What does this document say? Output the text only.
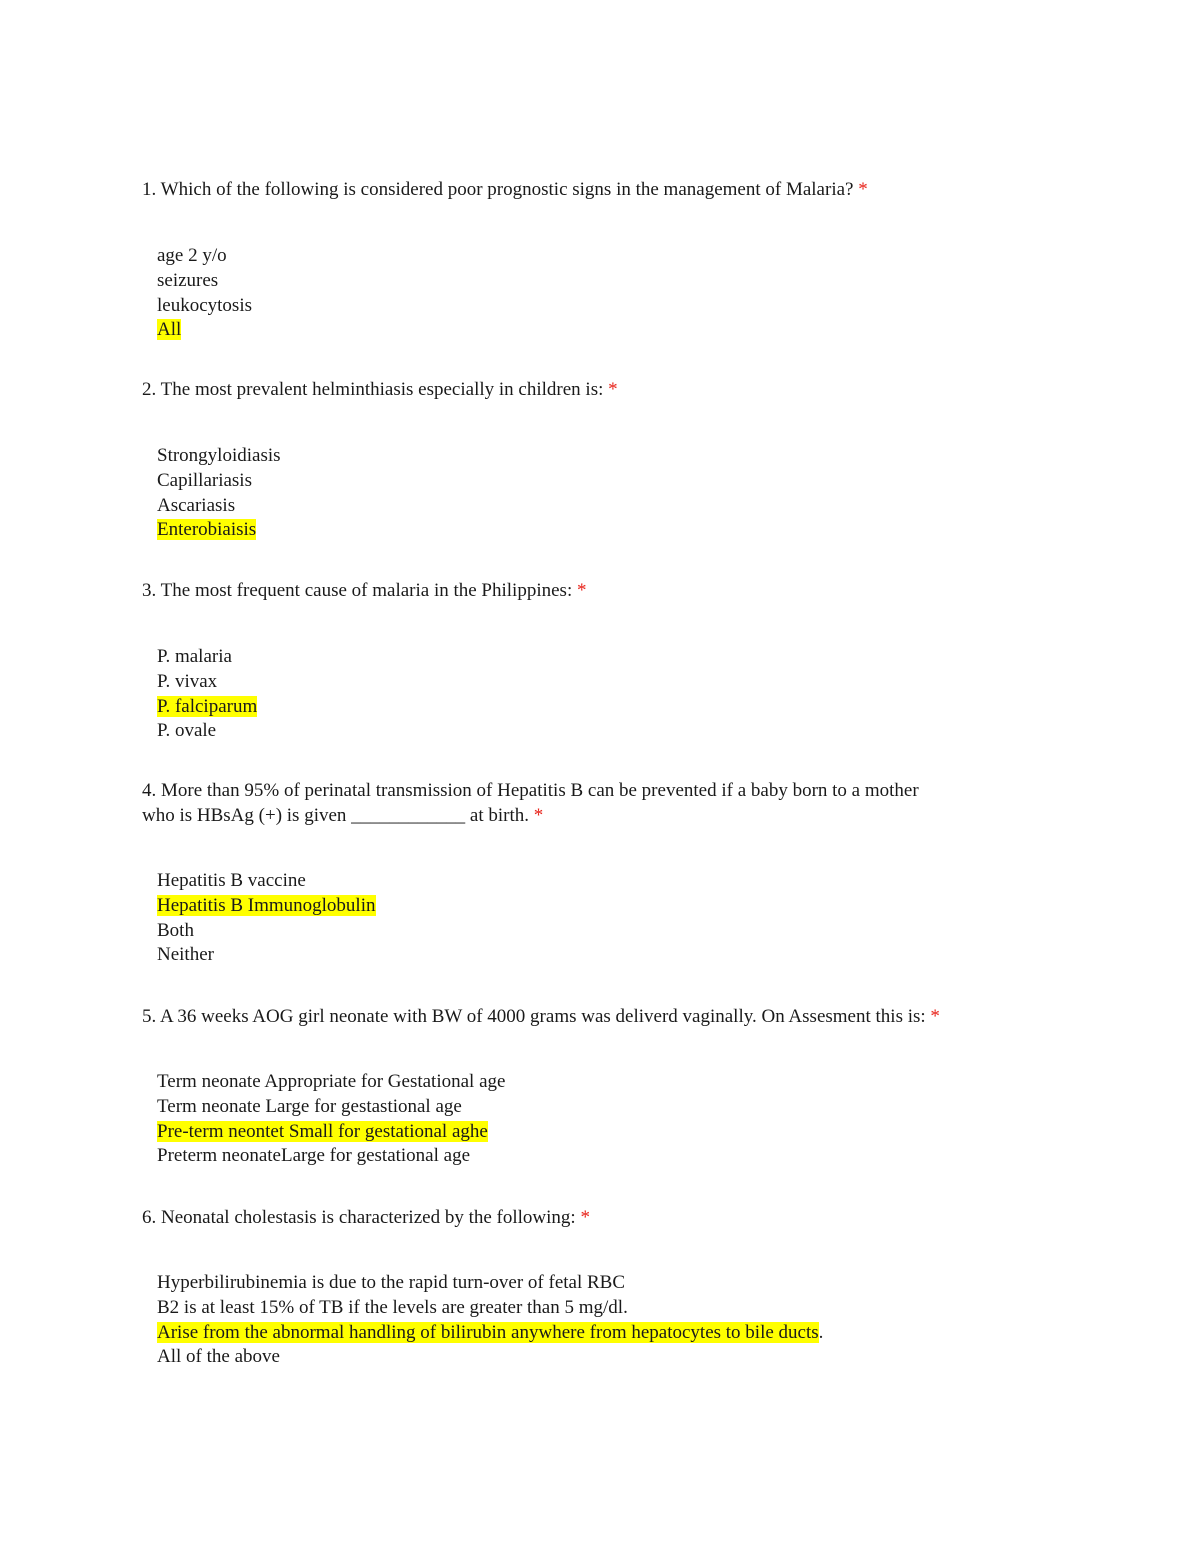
1. Which of the following is considered poor prognostic signs in the management of Malaria? *

age 2 y/o
seizures
leukocytosis
All

2. The most prevalent helminthiasis especially in children is: *

Strongyloidiasis
Capillariasis
Ascariasis
Enterobiaisis

3. The most frequent cause of malaria in the Philippines: *

P. malaria
P. vivax
P. falciparum
P. ovale

4. More than 95% of perinatal transmission of Hepatitis B can be prevented if a baby born to a mother
who is HBsAg (+) is given ____________ at birth. *

Hepatitis B vaccine
Hepatitis B Immunoglobulin
Both
Neither

5. A 36 weeks AOG girl neonate with BW of 4000 grams was deliverd vaginally. On Assesment this is: *

Term neonate Appropriate for Gestational age
Term neonate Large for gestastional age
Pre-term neontet Small for gestational aghe
Preterm neonateLarge for gestational age

6. Neonatal cholestasis is characterized by the following: *

Hyperbilirubinemia is due to the rapid turn-over of fetal RBC
B2 is at least 15% of TB if the levels are greater than 5 mg/dl.
Arise from the abnormal handling of bilirubin anywhere from hepatocytes to bile ducts.
All of the above
